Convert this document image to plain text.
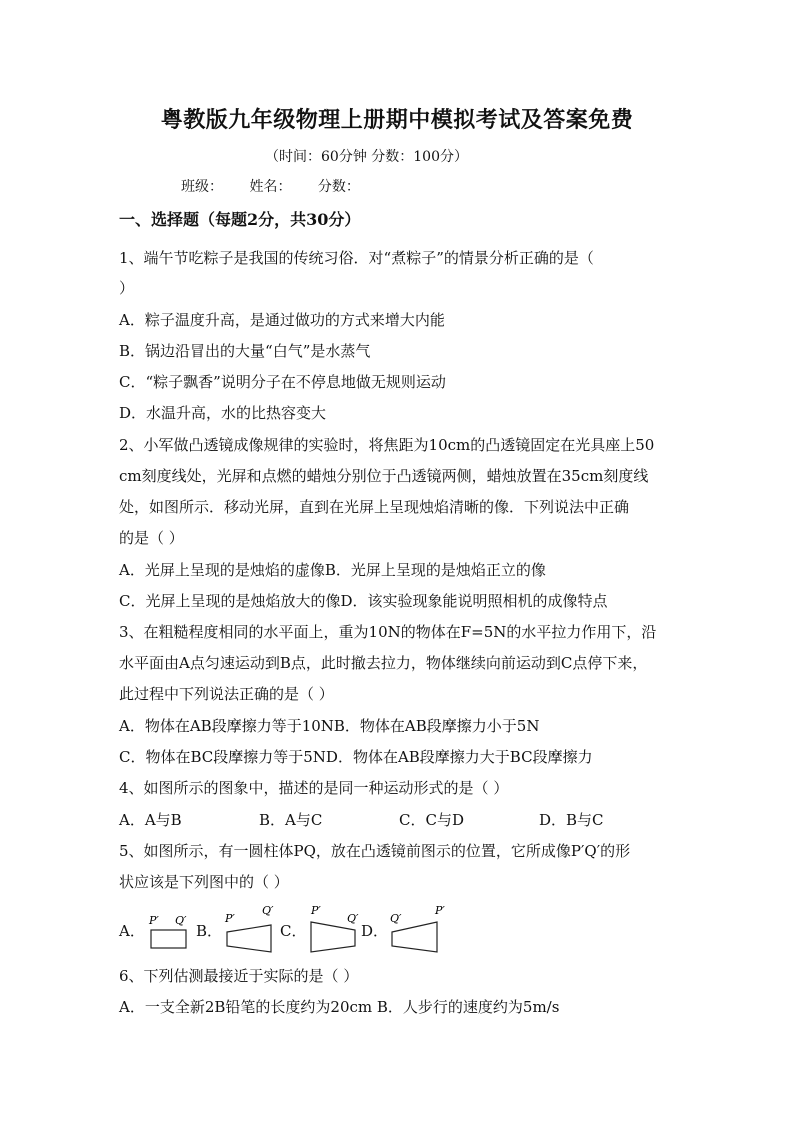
粤教版九年级物理上册期中模拟考试及答案免费
（时间：60分钟 分数：100分）
班级： 姓名： 分数：
一、选择题（每题2分，共30分）
1、端午节吃粽子是我国的传统习俗．对“煮粽子”的情景分析正确的是（
）
A．粽子温度升高，是通过做功的方式来增大内能
B．锅边沿冒出的大量“白气”是水蒸气
C．“粽子飘香”说明分子在不停息地做无规则运动
D．水温升高，水的比热容变大
2、小军做凸透镜成像规律的实验时，将焦距为10cm的凸透镜固定在光具座上50
cm刻度线处，光屏和点燃的蜡烛分别位于凸透镜两侧，蜡烛放置在35cm刻度线
处，如图所示．移动光屏，直到在光屏上呈现烛焰清晰的像．下列说法中正确
的是（ ）
A．光屏上呈现的是烛焰的虚像B．光屏上呈现的是烛焰正立的像
C．光屏上呈现的是烛焰放大的像D．该实验现象能说明照相机的成像特点
3、在粗糙程度相同的水平面上，重为10N的物体在F=5N的水平拉力作用下，沿
水平面由A点匀速运动到B点，此时撤去拉力，物体继续向前运动到C点停下来，
此过程中下列说法正确的是（ ）
A．物体在AB段摩擦力等于10NB．物体在AB段摩擦力小于5N
C．物体在BC段摩擦力等于5ND．物体在AB段摩擦力大于BC段摩擦力
4、如图所示的图象中，描述的是同一种运动形式的是（ ）
A．A与B	B．A与C	C．C与D	D．B与C
5、如图所示，有一圆柱体PQ，放在凸透镜前图示的位置，它所成像P′Q′的形
状应该是下列图中的（ ）
A．	B．	C．	D．
P′ Q′	P′
Q′	P′
Q′	Q′
P′
6、下列估测最接近于实际的是（ ）
A．一支全新2B铅笔的长度约为20cm B．人步行的速度约为5m/s
